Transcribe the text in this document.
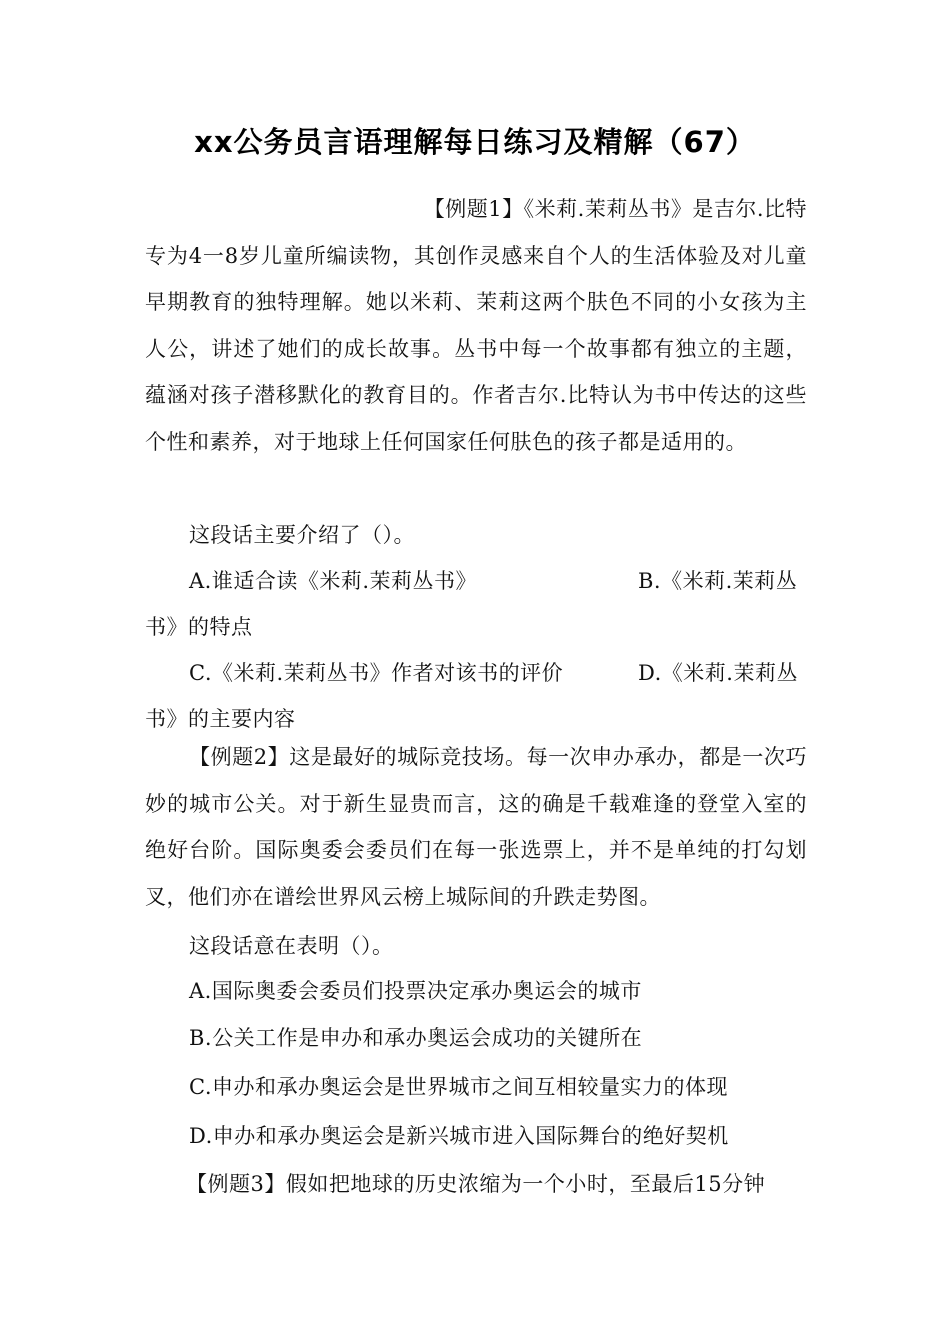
xx公务员言语理解每日练习及精解（67）
【例题1】《米莉.茉莉丛书》是吉尔.比特
专为4一8岁儿童所编读物，其创作灵感来自个人的生活体验及对儿童早期教育的独特理解。她以米莉、茉莉这两个肤色不同的小女孩为主人公，讲述了她们的成长故事。丛书中每一个故事都有独立的主题，蕴涵对孩子潜移默化的教育目的。作者吉尔.比特认为书中传达的这些个性和素养，对于地球上任何国家任何肤色的孩子都是适用的。
这段话主要介绍了（）。
A.谁适合读《米莉.茉莉丛书》	B.《米莉.茉莉丛
书》的特点
C.《米莉.茉莉丛书》作者对该书的评价	D.《米莉.茉莉丛
书》的主要内容
【例题2】这是最好的城际竞技场。每一次申办承办，都是一次巧妙的城市公关。对于新生显贵而言，这的确是千载难逢的登堂入室的绝好台阶。国际奥委会委员们在每一张选票上，并不是单纯的打勾划叉，他们亦在谱绘世界风云榜上城际间的升跌走势图。
这段话意在表明（）。
A.国际奥委会委员们投票决定承办奥运会的城市
B.公关工作是申办和承办奥运会成功的关键所在
C.申办和承办奥运会是世界城市之间互相较量实力的体现
D.申办和承办奥运会是新兴城市进入国际舞台的绝好契机
【例题3】假如把地球的历史浓缩为一个小时，至最后15分钟
